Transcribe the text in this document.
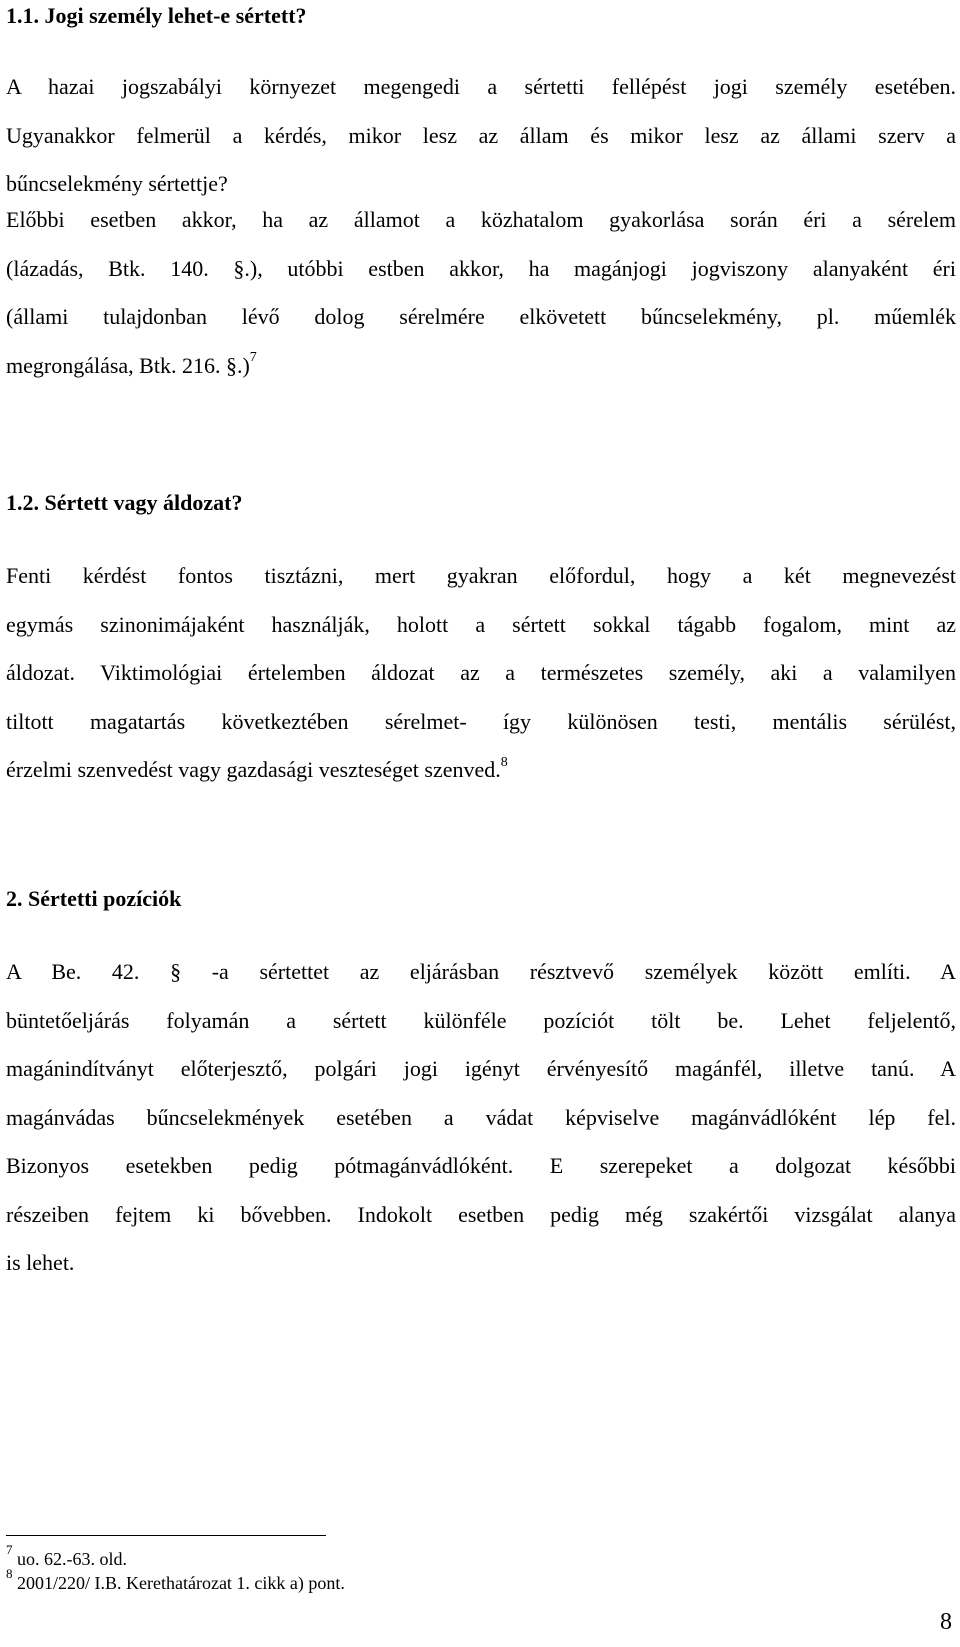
1.1. Jogi személy lehet-e sértett?
A hazai jogszabályi környezet megengedi a sértetti fellépést jogi személy esetében.
Ugyanakkor felmerül a kérdés, mikor lesz az állam és mikor lesz az állami szerv a
bűncselekmény sértettje?
Előbbi esetben akkor, ha az államot a közhatalom gyakorlása során éri a sérelem
(lázadás, Btk. 140. §.), utóbbi estben akkor, ha magánjogi jogviszony alanyaként éri
(állami tulajdonban lévő dolog sérelmére elkövetett bűncselekmény, pl. műemlék
megrongálása, Btk. 216. §.)$^7$
1.2. Sértett vagy áldozat?
Fenti kérdést fontos tisztázni, mert gyakran előfordul, hogy a két megnevezést
egymás szinonimájaként használják, holott a sértett sokkal tágabb fogalom, mint az
áldozat. Viktimológiai értelemben áldozat az a természetes személy, aki a valamilyen
tiltott magatartás következtében sérelmet- így különösen testi, mentális sérülést,
érzelmi szenvedést vagy gazdasági veszteséget szenved.$^8$
2. Sértetti pozíciók
A Be. 42. § -a sértettet az eljárásban résztvevő személyek között említi. A
büntetőeljárás folyamán a sértett különféle pozíciót tölt be. Lehet feljelentő,
magánindítványt előterjesztő, polgári jogi igényt érvényesítő magánfél, illetve tanú. A
magánvádas bűncselekmények esetében a vádat képviselve magánvádlóként lép fel.
Bizonyos esetekben pedig pótmagánvádlóként. E szerepeket a dolgozat későbbi
részeiben fejtem ki bővebben. Indokolt esetben pedig még szakértői vizsgálat alanya
is lehet.
$^7$ uo. 62.-63. old.
$^8$ 2001/220/ I.B. Kerethatározat 1. cikk a) pont.
8
